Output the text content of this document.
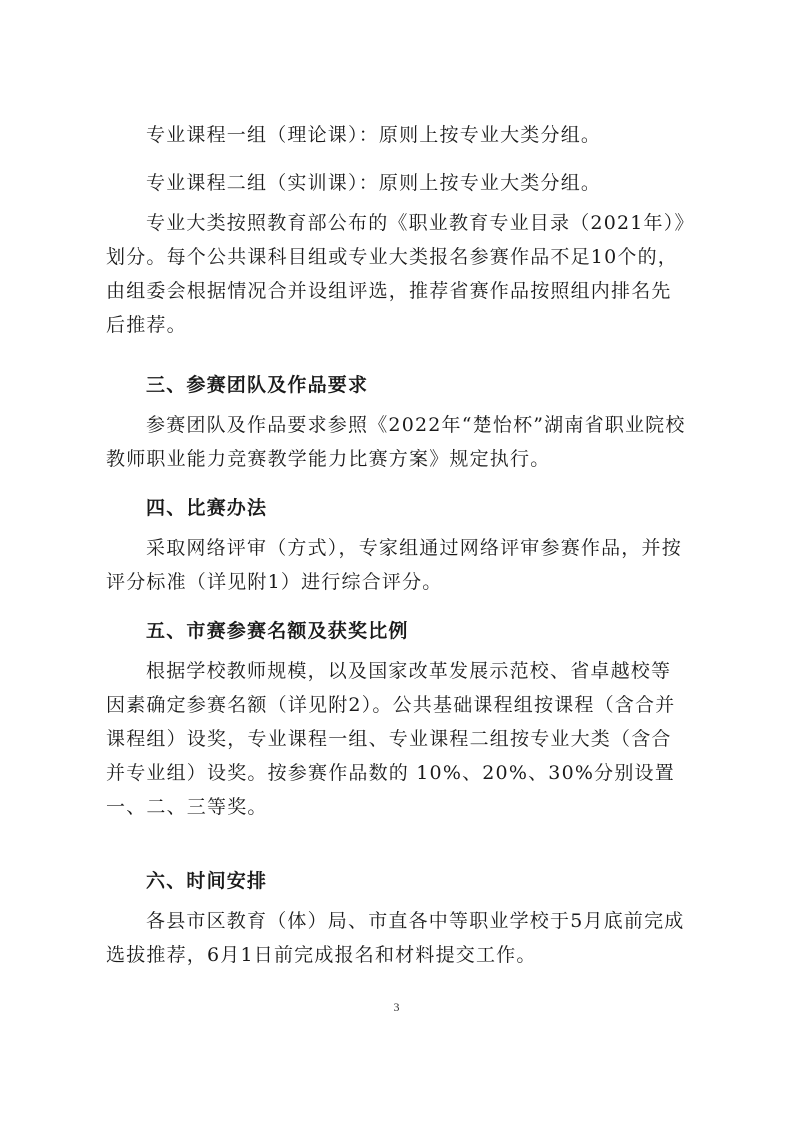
专业课程一组（理论课）：原则上按专业大类分组。
专业课程二组（实训课）：原则上按专业大类分组。

专业大类按照教育部公布的《职业教育专业目录（2021年）》划分。每个公共课科目组或专业大类报名参赛作品不足10个的，由组委会根据情况合并设组评选，推荐省赛作品按照组内排名先后推荐。

三、参赛团队及作品要求

参赛团队及作品要求参照《2022年“楚怡杯”湖南省职业院校教师职业能力竞赛教学能力比赛方案》规定执行。

四、比赛办法

采取网络评审（方式），专家组通过网络评审参赛作品，并按评分标准（详见附1）进行综合评分。

五、市赛参赛名额及获奖比例

根据学校教师规模，以及国家改革发展示范校、省卓越校等因素确定参赛名额（详见附2）。公共基础课程组按课程（含合并课程组）设奖，专业课程一组、专业课程二组按专业大类（含合并专业组）设奖。按参赛作品数的 10%、20%、30%分别设置一、二、三等奖。

六、时间安排

各县市区教育（体）局、市直各中等职业学校于5月底前完成选拔推荐，6月1日前完成报名和材料提交工作。

3
